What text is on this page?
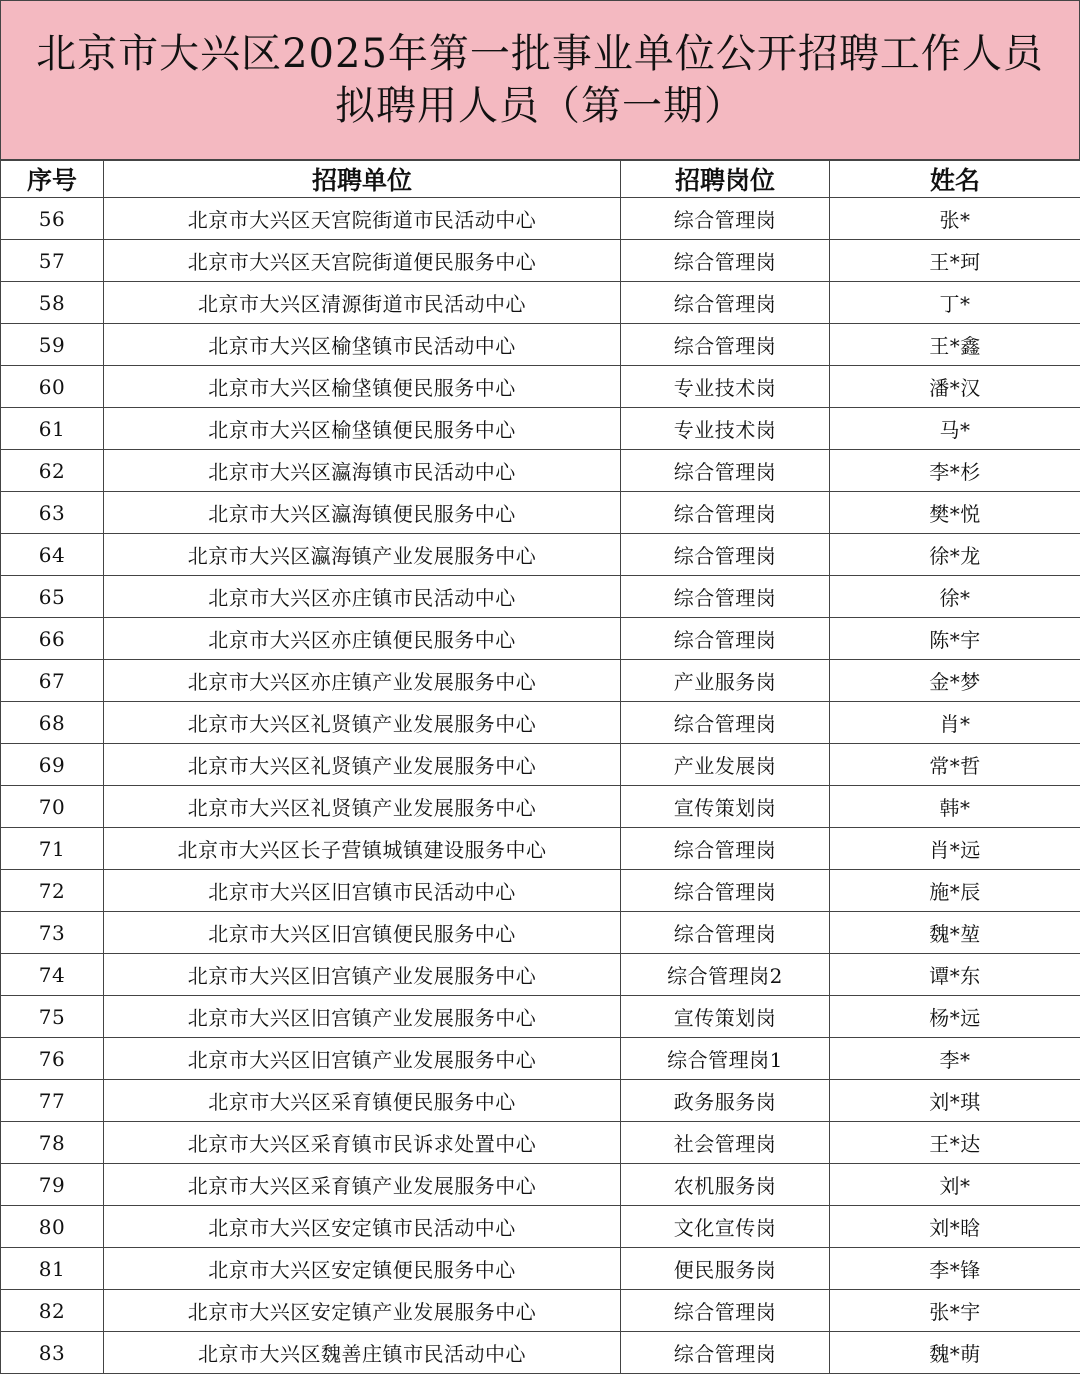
北京市大兴区2025年第一批事业单位公开招聘工作人员
拟聘用人员（第一期）
序号	招聘单位	招聘岗位	姓名
56	北京市大兴区天宫院街道市民活动中心	综合管理岗	张*
57	北京市大兴区天宫院街道便民服务中心	综合管理岗	王*珂
58	北京市大兴区清源街道市民活动中心	综合管理岗	丁*
59	北京市大兴区榆垡镇市民活动中心	综合管理岗	王*鑫
60	北京市大兴区榆垡镇便民服务中心	专业技术岗	潘*汉
61	北京市大兴区榆垡镇便民服务中心	专业技术岗	马*
62	北京市大兴区瀛海镇市民活动中心	综合管理岗	李*杉
63	北京市大兴区瀛海镇便民服务中心	综合管理岗	樊*悦
64	北京市大兴区瀛海镇产业发展服务中心	综合管理岗	徐*龙
65	北京市大兴区亦庄镇市民活动中心	综合管理岗	徐*
66	北京市大兴区亦庄镇便民服务中心	综合管理岗	陈*宇
67	北京市大兴区亦庄镇产业发展服务中心	产业服务岗	金*梦
68	北京市大兴区礼贤镇产业发展服务中心	综合管理岗	肖*
69	北京市大兴区礼贤镇产业发展服务中心	产业发展岗	常*哲
70	北京市大兴区礼贤镇产业发展服务中心	宣传策划岗	韩*
71	北京市大兴区长子营镇城镇建设服务中心	综合管理岗	肖*远
72	北京市大兴区旧宫镇市民活动中心	综合管理岗	施*辰
73	北京市大兴区旧宫镇便民服务中心	综合管理岗	魏*堃
74	北京市大兴区旧宫镇产业发展服务中心	综合管理岗2	谭*东
75	北京市大兴区旧宫镇产业发展服务中心	宣传策划岗	杨*远
76	北京市大兴区旧宫镇产业发展服务中心	综合管理岗1	李*
77	北京市大兴区采育镇便民服务中心	政务服务岗	刘*琪
78	北京市大兴区采育镇市民诉求处置中心	社会管理岗	王*达
79	北京市大兴区采育镇产业发展服务中心	农机服务岗	刘*
80	北京市大兴区安定镇市民活动中心	文化宣传岗	刘*晗
81	北京市大兴区安定镇便民服务中心	便民服务岗	李*锋
82	北京市大兴区安定镇产业发展服务中心	综合管理岗	张*宇
83	北京市大兴区魏善庄镇市民活动中心	综合管理岗	魏*萌
